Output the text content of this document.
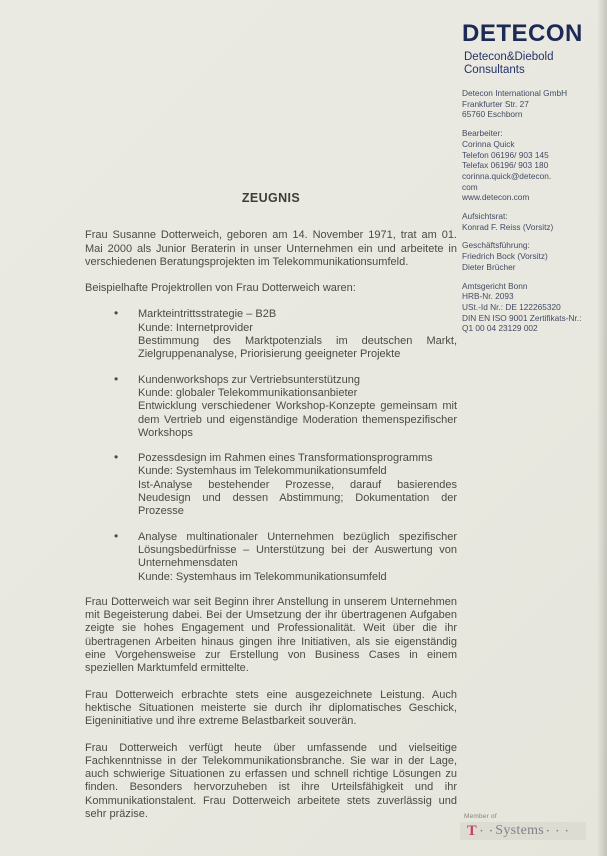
DETECON
Detecon&Diebold
Consultants
Detecon International GmbH
Frankfurter Str. 27
65760 Eschborn
Bearbeiter:
Corinna Quick
Telefon 06196/ 903 145
Telefax 06196/ 903 180
corinna.quick@detecon.
com
www.detecon.com
Aufsichtsrat:
Konrad F. Reiss (Vorsitz)
Geschäftsführung:
Friedrich Bock (Vorsitz)
Dieter Brücher
Amtsgericht Bonn
HRB-Nr. 2093
USt.-Id Nr.: DE 122265320
DIN EN ISO 9001 Zertifikats-Nr.:
Q1 00 04 23129 002
ZEUGNIS

Frau Susanne Dotterweich, geboren am 14. November 1971, trat am 01. Mai 2000 als Junior Beraterin in unser Unternehmen ein und arbeitete in verschiedenen Beratungsprojekten im Telekommunikationsumfeld.

Beispielhafte Projektrollen von Frau Dotterweich waren:

• Markteintrittsstrategie – B2B
Kunde: Internetprovider
Bestimmung des Marktpotenzials im deutschen Markt, Zielgruppenanalyse, Priorisierung geeigneter Projekte
• Kundenworkshops zur Vertriebsunterstützung
Kunde: globaler Telekommunikationsanbieter
Entwicklung verschiedener Workshop-Konzepte gemeinsam mit dem Vertrieb und eigenständige Moderation themenspezifischer Workshops
• Pozessdesign im Rahmen eines Transformationsprogramms
Kunde: Systemhaus im Telekommunikationsumfeld
Ist-Analyse bestehender Prozesse, darauf basierendes Neudesign und dessen Abstimmung; Dokumentation der Prozesse
• Analyse multinationaler Unternehmen bezüglich spezifischer Lösungsbedürfnisse – Unterstützung bei der Auswertung von Unternehmensdaten
Kunde: Systemhaus im Telekommunikationsumfeld

Frau Dotterweich war seit Beginn ihrer Anstellung in unserem Unternehmen mit Begeisterung dabei. Bei der Umsetzung der ihr übertragenen Aufgaben zeigte sie hohes Engagement und Professionalität. Weit über die ihr übertragenen Arbeiten hinaus gingen ihre Initiativen, als sie eigenständig eine Vorgehensweise zur Erstellung von Business Cases in einem speziellen Marktumfeld ermittelte.

Frau Dotterweich erbrachte stets eine ausgezeichnete Leistung. Auch hektische Situationen meisterte sie durch ihr diplomatisches Geschick, Eigeninitiative und ihre extreme Belastbarkeit souverän.

Frau Dotterweich verfügt heute über umfassende und vielseitige Fachkenntnisse in der Telekommunikationsbranche. Sie war in der Lage, auch schwierige Situationen zu erfassen und schnell richtige Lösungen zu finden. Besonders hervorzuheben ist ihre Urteilsfähigkeit und ihr Kommunikationstalent. Frau Dotterweich arbeitete stets zuverlässig und sehr präzise.	Member of
T · · Systems · · ·
